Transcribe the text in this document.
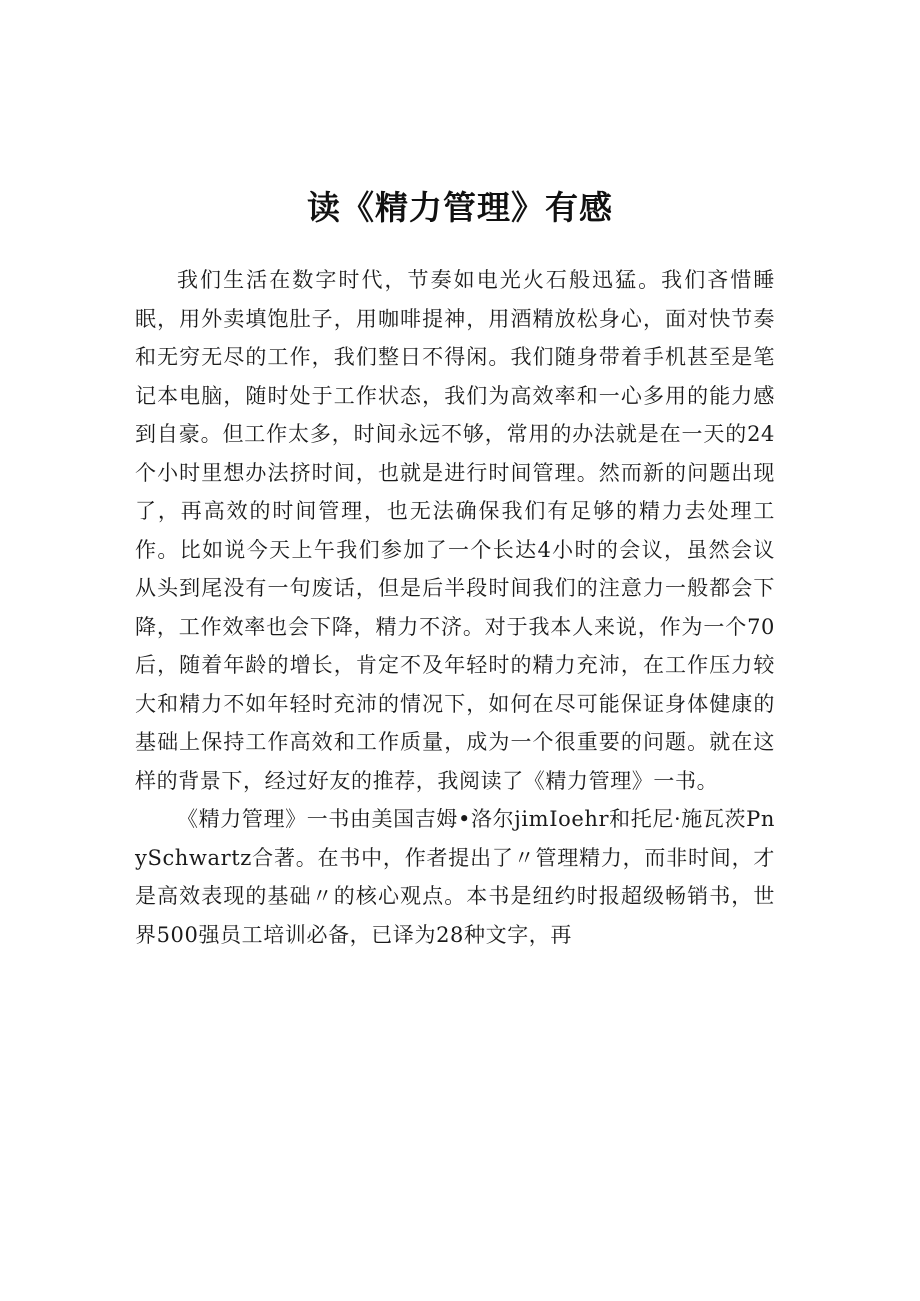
读《精力管理》有感

我们生活在数字时代，节奏如电光火石般迅猛。我们吝惜睡眠，用外卖填饱肚子，用咖啡提神，用酒精放松身心，面对快节奏和无穷无尽的工作，我们整日不得闲。我们随身带着手机甚至是笔记本电脑，随时处于工作状态，我们为高效率和一心多用的能力感到自豪。但工作太多，时间永远不够，常用的办法就是在一天的24个小时里想办法挤时间，也就是进行时间管理。然而新的问题出现了，再高效的时间管理，也无法确保我们有足够的精力去处理工作。比如说今天上午我们参加了一个长达4小时的会议，虽然会议从头到尾没有一句废话，但是后半段时间我们的注意力一般都会下降，工作效率也会下降，精力不济。对于我本人来说，作为一个70后，随着年龄的增长，肯定不及年轻时的精力充沛，在工作压力较大和精力不如年轻时充沛的情况下，如何在尽可能保证身体健康的基础上保持工作高效和工作质量，成为一个很重要的问题。就在这样的背景下，经过好友的推荐，我阅读了《精力管理》一书。

《精力管理》一书由美国吉姆•洛尔jimIoehr和托尼·施瓦茨PnySchwartz合著。在书中，作者提出了〃管理精力，而非时间，才是高效表现的基础〃的核心观点。本书是纽约时报超级畅销书，世界500强员工培训必备，已译为28种文字，再
